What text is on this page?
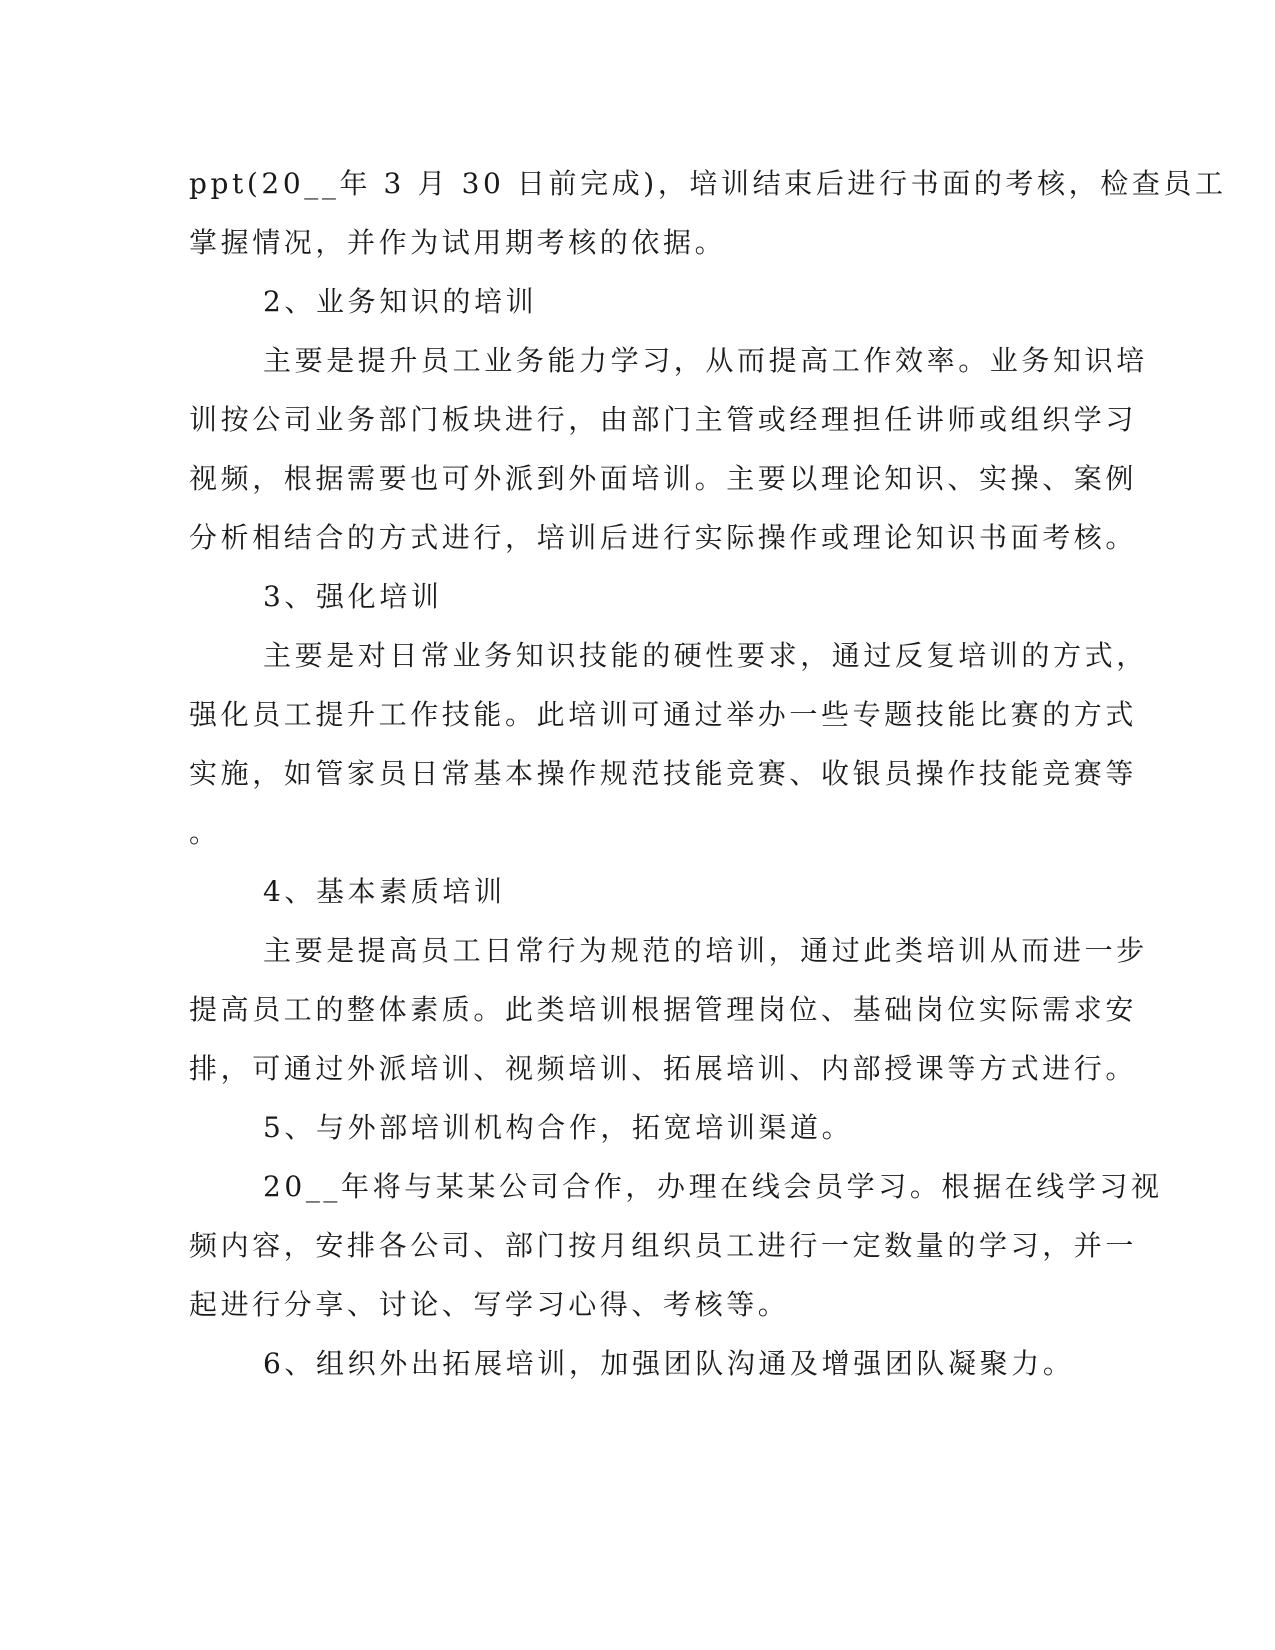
ppt(20__年 3 月 30 日前完成)，培训结束后进行书面的考核，检查员工
掌握情况，并作为试用期考核的依据。
2、业务知识的培训
主要是提升员工业务能力学习，从而提高工作效率。业务知识培
训按公司业务部门板块进行，由部门主管或经理担任讲师或组织学习
视频，根据需要也可外派到外面培训。主要以理论知识、实操、案例
分析相结合的方式进行，培训后进行实际操作或理论知识书面考核。
3、强化培训
主要是对日常业务知识技能的硬性要求，通过反复培训的方式，
强化员工提升工作技能。此培训可通过举办一些专题技能比赛的方式
实施，如管家员日常基本操作规范技能竞赛、收银员操作技能竞赛等
。
4、基本素质培训
主要是提高员工日常行为规范的培训，通过此类培训从而进一步
提高员工的整体素质。此类培训根据管理岗位、基础岗位实际需求安
排，可通过外派培训、视频培训、拓展培训、内部授课等方式进行。
5、与外部培训机构合作，拓宽培训渠道。
20__年将与某某公司合作，办理在线会员学习。根据在线学习视
频内容，安排各公司、部门按月组织员工进行一定数量的学习，并一
起进行分享、讨论、写学习心得、考核等。
6、组织外出拓展培训，加强团队沟通及增强团队凝聚力。
